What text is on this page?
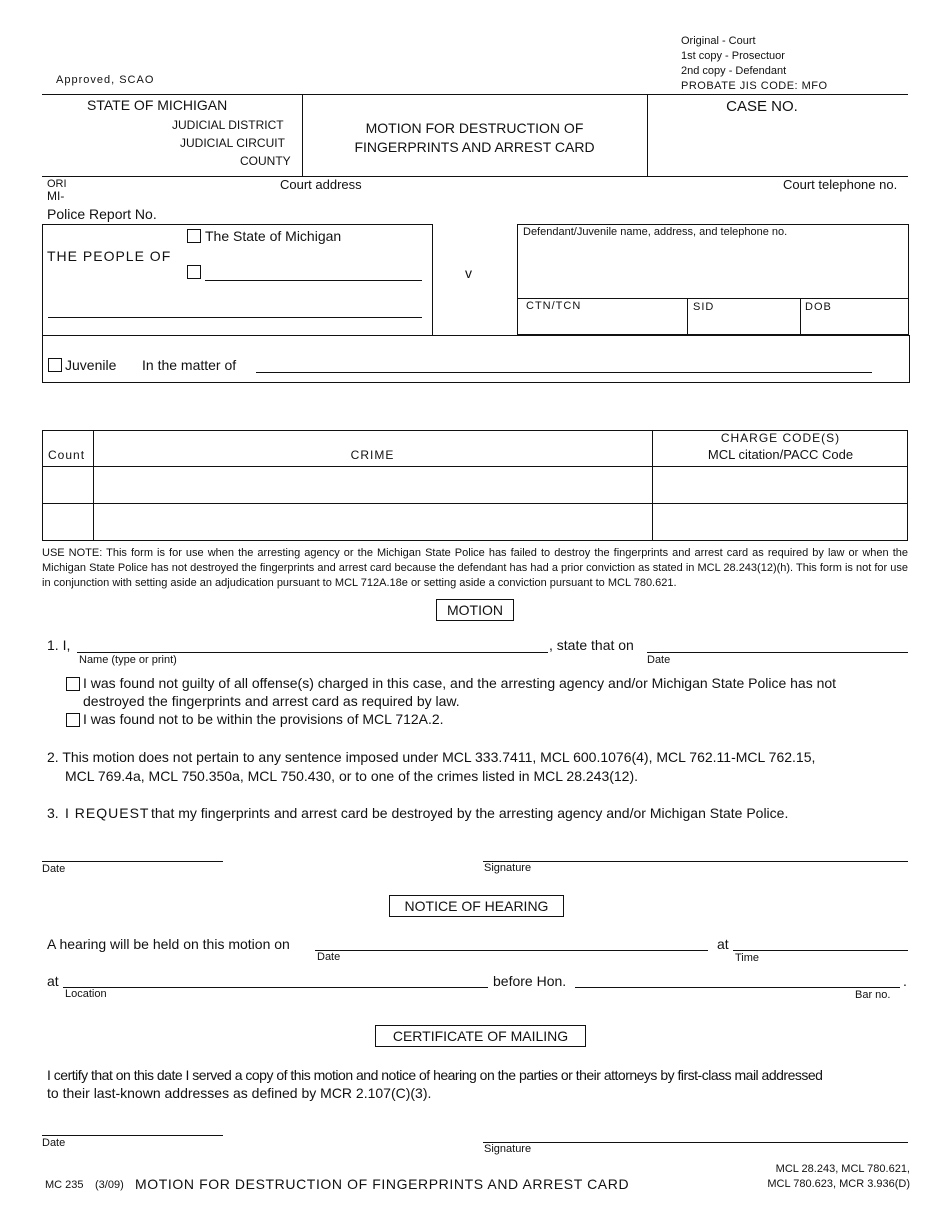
Approved, SCAO
Original - Court
1st copy - Prosectuor
2nd copy - Defendant
PROBATE JIS CODE: MFO
STATE OF MICHIGAN
JUDICIAL DISTRICT
JUDICIAL CIRCUIT
COUNTY
MOTION FOR DESTRUCTION OF
FINGERPRINTS AND ARREST CARD
CASE NO.
ORI
MI-
Court address	Court telephone no.
Police Report No.
THE PEOPLE OF
The State of Michigan
v
Defendant/Juvenile name, address, and telephone no.
CTN/TCN	SID	DOB
Juvenile In the matter of
Count	CRIME
CHARGE CODE(S)
MCL citation/PACC Code
USE NOTE: This form is for use when the arresting agency or the Michigan State Police has failed to destroy the fingerprints and arrest card as required by law or when the Michigan State Police has not destroyed the fingerprints and arrest card because the defendant has had a prior conviction as stated in MCL 28.243(12)(h). This form is not for use in conjunction with setting aside an adjudication pursuant to MCL 712A.18e or setting aside a conviction pursuant to MCL 780.621.
MOTION
1. I,	, state that on
Name (type or print)	Date
I was found not guilty of all offense(s) charged in this case, and the arresting agency and/or Michigan State Police has not
destroyed the fingerprints and arrest card as required by law.
I was found not to be within the provisions of MCL 712A.2.
2. This motion does not pertain to any sentence imposed under MCL 333.7411, MCL 600.1076(4), MCL 762.11-MCL 762.15,
MCL 769.4a, MCL 750.350a, MCL 750.430, or to one of the crimes listed in MCL 28.243(12).
3. I REQUEST that my fingerprints and arrest card be destroyed by the arresting agency and/or Michigan State Police.
Date	Signature
NOTICE OF HEARING
A hearing will be held on this motion on	at
Date	Time
at	before Hon.	.
Location	Bar no.
CERTIFICATE OF MAILING
I certify that on this date I served a copy of this motion and notice of hearing on the parties or their attorneys by first-class mail addressed
to their last-known addresses as defined by MCR 2.107(C)(3).
Date	Signature
MC 235 (3/09) MOTION FOR DESTRUCTION OF FINGERPRINTS AND ARREST CARD
MCL 28.243, MCL 780.621,
MCL 780.623, MCR 3.936(D)
